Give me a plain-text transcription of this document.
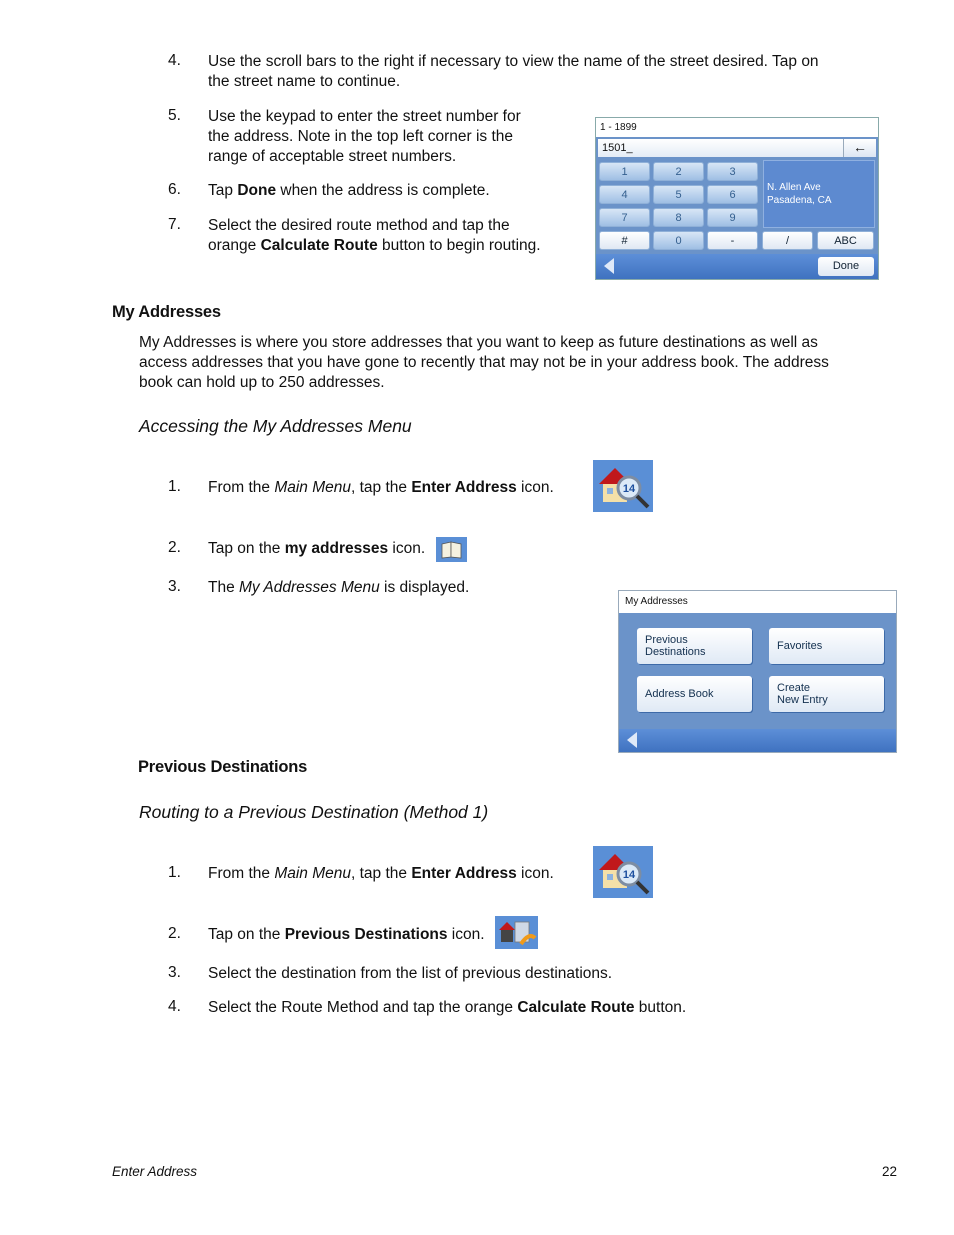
4.	Use the scroll bars to the right if necessary to view the name of the street desired. Tap on
the street name to continue.
5.	Use the keypad to enter the street number for
the address. Note in the top left corner is the
range of acceptable street numbers.
6.	Tap Done when the address is complete.
7.	Select the desired route method and tap the
orange Calculate Route button to begin routing.
1 - 1899
1501_	←
1	2	3
4	5	6
7	8	9
#	0	-	/	ABC
N. Allen Ave
Pasadena, CA
Done
My Addresses
My Addresses is where you store addresses that you want to keep as future destinations as well as
access addresses that you have gone to recently that may not be in your address book. The address
book can hold up to 250 addresses.
Accessing the My Addresses Menu
1.	From the Main Menu, tap the Enter Address icon.	14
2.	Tap on the my addresses icon.
3.	The My Addresses Menu is displayed.
My Addresses
Previous
Destinations	Favorites
Address Book	Create
New Entry
Previous Destinations
Routing to a Previous Destination (Method 1)
1.	From the Main Menu, tap the Enter Address icon.	14
2.	Tap on the Previous Destinations icon.
3.	Select the destination from the list of previous destinations.
4.	Select the Route Method and tap the orange Calculate Route button.
Enter Address	22
